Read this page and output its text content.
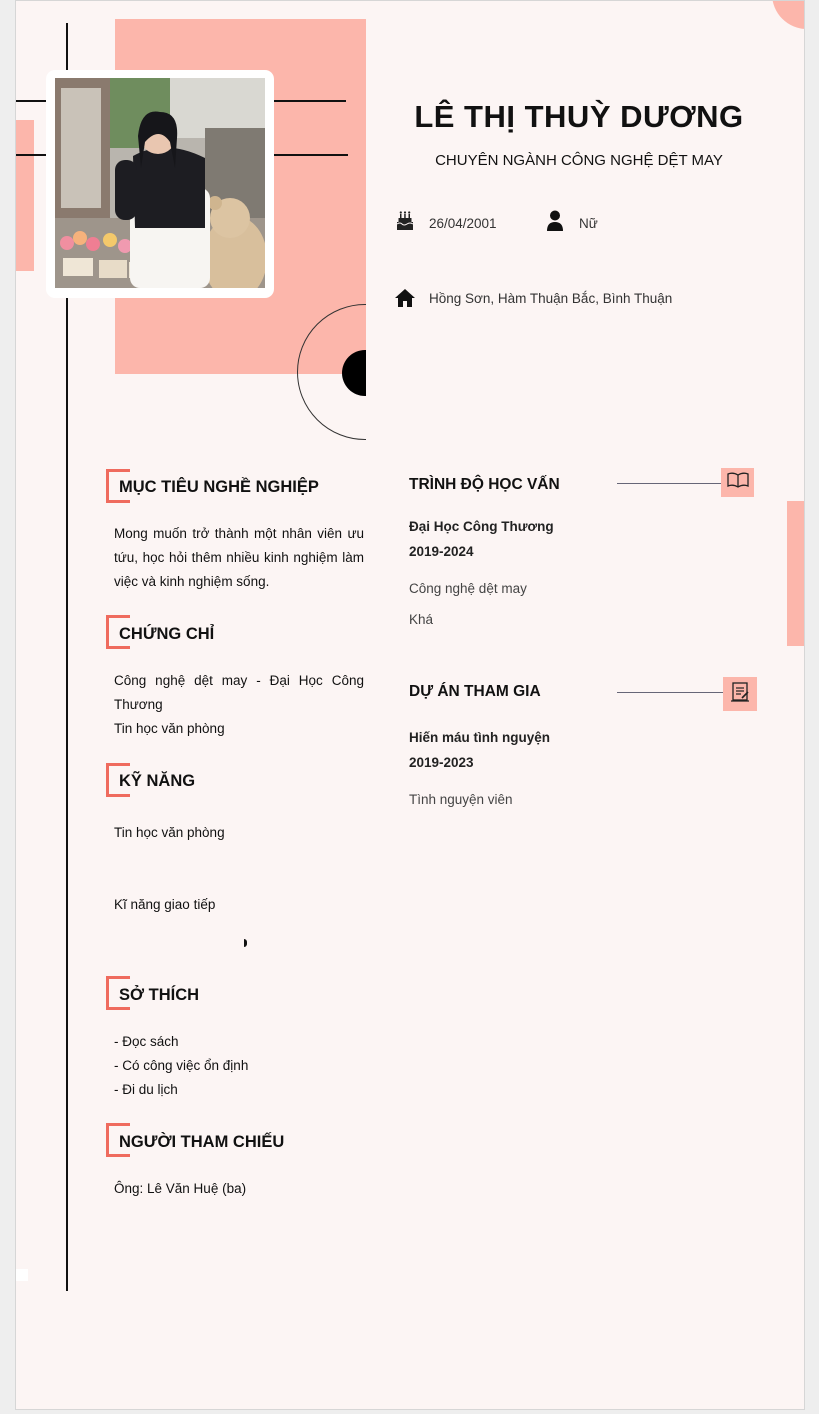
LÊ THỊ THUỲ DƯƠNG
CHUYÊN NGÀNH CÔNG NGHỆ DỆT MAY
26/04/2001	Nữ
Hồng Sơn, Hàm Thuận Bắc, Bình Thuận
MỤC TIÊU NGHỀ NGHIỆP
Mong muốn trở thành một nhân viên ưu tứu, học hỏi thêm nhiều kinh nghiệm làm việc và kinh nghiệm sống.
CHỨNG CHỈ
Công nghệ dệt may - Đại Học Công Thương
Tin học văn phòng
KỸ NĂNG
Tin học văn phòng
Kĩ năng giao tiếp
SỞ THÍCH
- Đọc sách
- Có công việc ổn định
- Đi du lịch
NGƯỜI THAM CHIẾU
Ông: Lê Văn Huệ (ba)
TRÌNH ĐỘ HỌC VẤN
Đại Học Công Thương
2019-2024
Công nghệ dệt may
Khá
DỰ ÁN THAM GIA
Hiến máu tình nguyện
2019-2023
Tình nguyện viên
